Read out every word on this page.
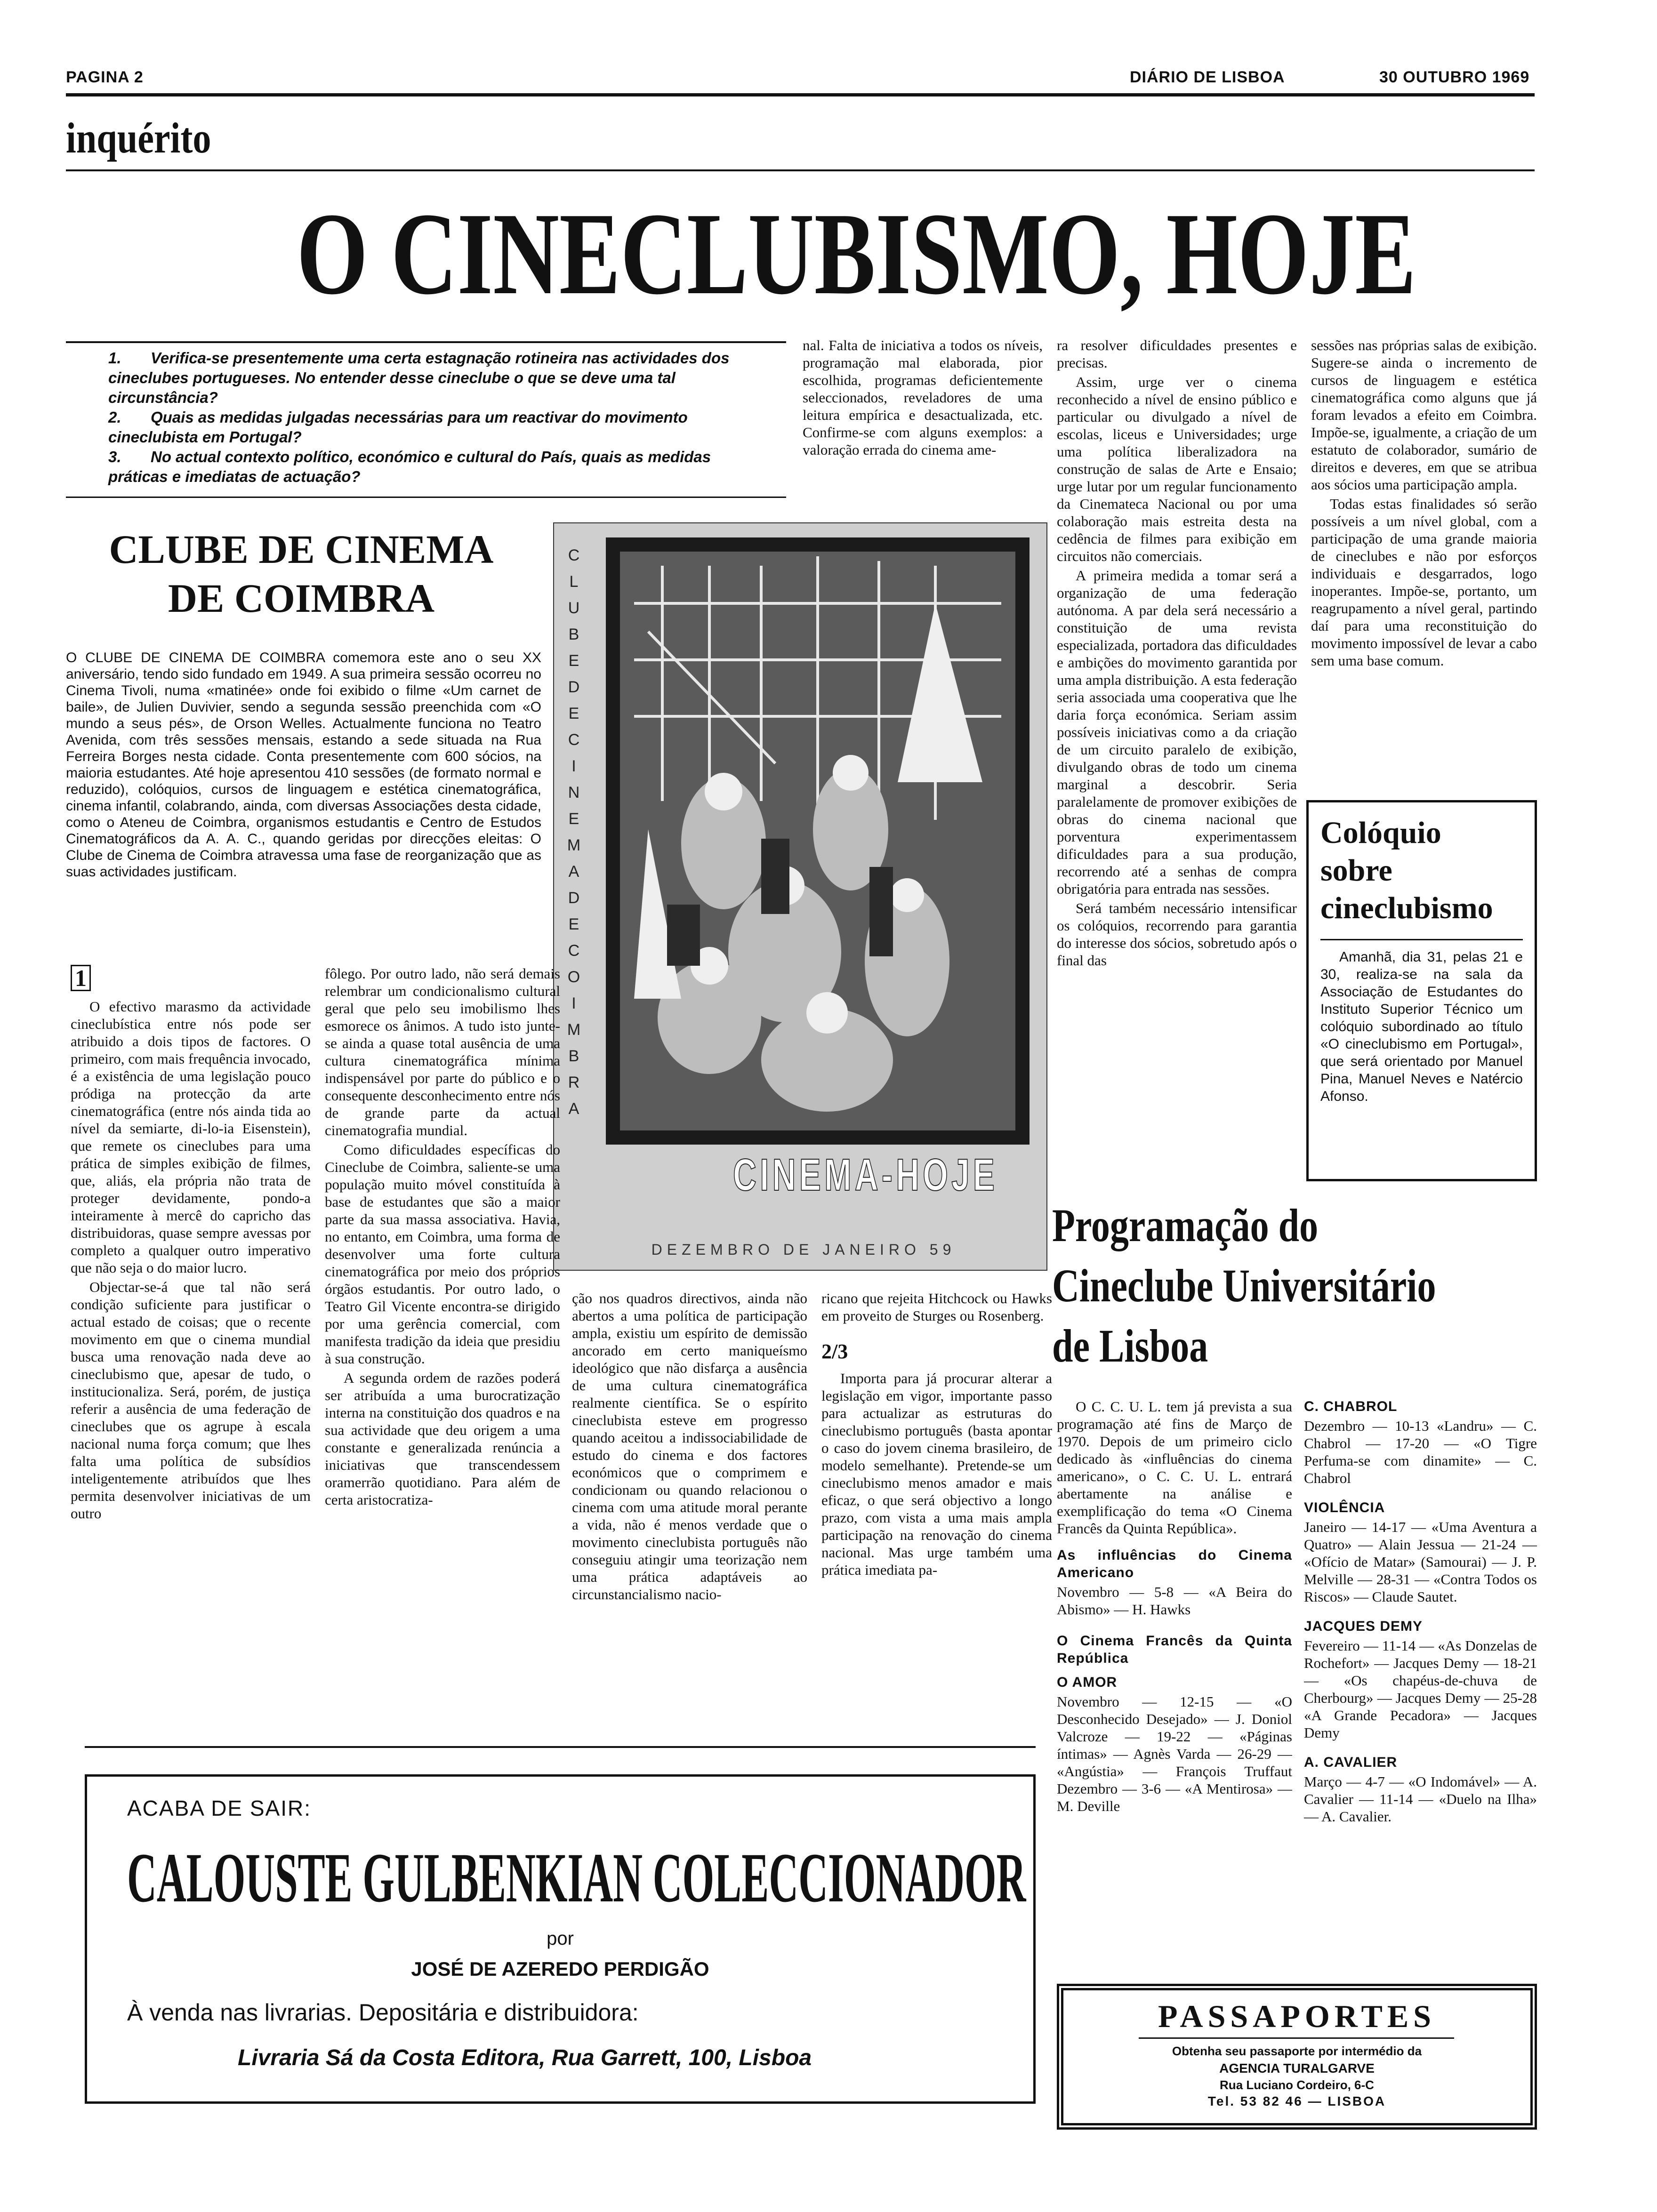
PAGINA 2	DIÁRIO DE LISBOA	30 OUTUBRO 1969
inquérito
O CINECLUBISMO, HOJE

1. Verifica-se presentemente uma certa estagnação rotineira nas actividades dos cineclubes portugueses. No entender desse cineclube o que se deve uma tal circunstância?

2. Quais as medidas julgadas necessárias para um reactivar do movimento cineclubista em Portugal?

3. No actual contexto político, económico e cultural do País, quais as medidas práticas e imediatas de actuação?

nal. Falta de iniciativa a todos os níveis, programação mal elaborada, pior escolhida, programas deficientemente seleccionados, reveladores de uma leitura empírica e desactualizada, etc. Confirme-se com alguns exemplos: a valoração errada do cinema ame-

ra resolver dificuldades presentes e precisas.

Assim, urge ver o cinema reconhecido a nível de ensino público e particular ou divulgado a nível de escolas, liceus e Universidades; urge uma política liberalizadora na construção de salas de Arte e Ensaio; urge lutar por um regular funcionamento da Cinemateca Nacional ou por uma colaboração mais estreita desta na cedência de filmes para exibição em circuitos não comerciais.

A primeira medida a tomar será a organização de uma federação autónoma. A par dela será necessário a constituição de uma revista especializada, portadora das dificuldades e ambições do movimento garantida por uma ampla distribuição. A esta federação seria associada uma cooperativa que lhe daria força económica. Seriam assim possíveis iniciativas como a da criação de um circuito paralelo de exibição, divulgando obras de todo um cinema marginal a descobrir. Seria paralelamente de promover exibições de obras do cinema nacional que porventura experimentassem dificuldades para a sua produção, recorrendo até a senhas de compra obrigatória para entrada nas sessões.

Será também necessário intensificar os colóquios, recorrendo para garantia do interesse dos sócios, sobretudo após o final das

sessões nas próprias salas de exibição. Sugere-se ainda o incremento de cursos de linguagem e estética cinematográfica como alguns que já foram levados a efeito em Coimbra. Impõe-se, igualmente, a criação de um estatuto de colaborador, sumário de direitos e deveres, em que se atribua aos sócios uma participação ampla.

Todas estas finalidades só serão possíveis a um nível global, com a participação de uma grande maioria de cineclubes e não por esforços individuais e desgarrados, logo inoperantes. Impõe-se, portanto, um reagrupamento a nível geral, partindo daí para uma reconstituição do movimento impossível de levar a cabo sem uma base comum.

CLUBE DE CINEMA
DE COIMBRA
O CLUBE DE CINEMA DE COIMBRA comemora este ano o seu XX aniversário, tendo sido fundado em 1949. A sua primeira sessão ocorreu no Cinema Tivoli, numa «matinée» onde foi exibido o filme «Um carnet de baile», de Julien Duvivier, sendo a segunda sessão preenchida com «O mundo a seus pés», de Orson Welles. Actualmente funciona no Teatro Avenida, com três sessões mensais, estando a sede situada na Rua Ferreira Borges nesta cidade. Conta presentemente com 600 sócios, na maioria estudantes. Até hoje apresentou 410 sessões (de formato normal e reduzido), colóquios, cursos de linguagem e estética cinematográfica, cinema infantil, colabrando, ainda, com diversas Associações desta cidade, como o Ateneu de Coimbra, organismos estudantis e Centro de Estudos Cinematográficos da A. A. C., quando geridas por direcções eleitas: O Clube de Cinema de Coimbra atravessa uma fase de reorganização que as suas actividades justificam.
C
L
U
B
E
D
E
C
I
N
E
M
A
D
E
C
O
I
M
B
R
A
CINEMA-HOJE
DEZEMBRO DE JANEIRO 59
1

O efectivo marasmo da actividade cineclubística entre nós pode ser atribuido a dois tipos de factores. O primeiro, com mais frequência invocado, é a existência de uma legislação pouco pródiga na protecção da arte cinematográfica (entre nós ainda tida ao nível da semiarte, di-lo-ia Eisenstein), que remete os cineclubes para uma prática de simples exibição de filmes, que, aliás, ela própria não trata de proteger devidamente, pondo-a inteiramente à mercê do capricho das distribuidoras, quase sempre avessas por completo a qualquer outro imperativo que não seja o do maior lucro.

Objectar-se-á que tal não será condição suficiente para justificar o actual estado de coisas; que o recente movimento em que o cinema mundial busca uma renovação nada deve ao cineclubismo que, apesar de tudo, o institucionaliza. Será, porém, de justiça referir a ausência de uma federação de cineclubes que os agrupe à escala nacional numa força comum; que lhes falta uma política de subsídios inteligentemente atribuídos que lhes permita desenvolver iniciativas de um outro

fôlego. Por outro lado, não será demais relembrar um condicionalismo cultural geral que pelo seu imobilismo lhes esmorece os ânimos. A tudo isto junte-se ainda a quase total ausência de uma cultura cinematográfica mínima indispensável por parte do público e o consequente desconhecimento entre nós de grande parte da actual cinematografia mundial.

Como dificuldades específicas do Cineclube de Coimbra, saliente-se uma população muito móvel constituída à base de estudantes que são a maior parte da sua massa associativa. Havia, no entanto, em Coimbra, uma forma de desenvolver uma forte cultura cinematográfica por meio dos próprios órgãos estudantis. Por outro lado, o Teatro Gil Vicente encontra-se dirigido por uma gerência comercial, com manifesta tradição da ideia que presidiu à sua construção.

A segunda ordem de razões poderá ser atribuída a uma burocratização interna na constituição dos quadros e na sua actividade que deu origem a uma constante e generalizada renúncia a iniciativas que transcendessem oramerrão quotidiano. Para além de certa aristocratiza-

ção nos quadros directivos, ainda não abertos a uma política de participação ampla, existiu um espírito de demissão ancorado em certo maniqueísmo ideológico que não disfarça a ausência de uma cultura cinematográfica realmente científica. Se o espírito cineclubista esteve em progresso quando aceitou a indissociabilidade de estudo do cinema e dos factores económicos que o comprimem e condicionam ou quando relacionou o cinema com uma atitude moral perante a vida, não é menos verdade que o movimento cineclubista português não conseguiu atingir uma teorização nem uma prática adaptáveis ao circunstancialismo nacio-

ricano que rejeita Hitchcock ou Hawks em proveito de Sturges ou Rosenberg.

2/3

Importa para já procurar alterar a legislação em vigor, importante passo para actualizar as estruturas do cineclubismo português (basta apontar o caso do jovem cinema brasileiro, de modelo semelhante). Pretende-se um cineclubismo menos amador e mais eficaz, o que será objectivo a longo prazo, com vista a uma mais ampla participação na renovação do cinema nacional. Mas urge também uma prática imediata pa-

Colóquio
sobre
cineclubismo
Amanhã, dia 31, pelas 21 e 30, realiza-se na sala da Associação de Estudantes do Instituto Superior Técnico um colóquio subordinado ao título «O cineclubismo em Portugal», que será orientado por Manuel Pina, Manuel Neves e Natércio Afonso.
Programação do
Cineclube Universitário
de Lisboa

O C. C. U. L. tem já prevista a sua programação até fins de Março de 1970. Depois de um primeiro ciclo dedicado às «influências do cinema americano», o C. C. U. L. entrará abertamente na análise e exemplificação do tema «O Cinema Francês da Quinta República».

As influências do Cinema Americano

Novembro — 5-8 — «A Beira do Abismo» — H. Hawks

O Cinema Francês da Quinta República
O AMOR

Novembro — 12-15 — «O Desconhecido Desejado» — J. Doniol Valcroze — 19-22 — «Páginas íntimas» — Agnès Varda — 26-29 — «Angústia» — François Truffaut Dezembro — 3-6 — «A Mentirosa» — M. Deville

C. CHABROL

Dezembro — 10-13 «Landru» — C. Chabrol — 17-20 — «O Tigre Perfuma-se com dinamite» — C. Chabrol

VIOLÊNCIA

Janeiro — 14-17 — «Uma Aventura a Quatro» — Alain Jessua — 21-24 — «Ofício de Matar» (Samourai) — J. P. Melville — 28-31 — «Contra Todos os Riscos» — Claude Sautet.

JACQUES DEMY

Fevereiro — 11-14 — «As Donzelas de Rochefort» — Jacques Demy — 18-21 — «Os chapéus-de-chuva de Cherbourg» — Jacques Demy — 25-28 «A Grande Pecadora» — Jacques Demy

A. CAVALIER

Março — 4-7 — «O Indomável» — A. Cavalier — 11-14 — «Duelo na Ilha» — A. Cavalier.

ACABA DE SAIR:
CALOUSTE GULBENKIAN COLECCIONADOR
por
JOSÉ DE AZEREDO PERDIGÃO
À venda nas livrarias. Depositária e distribuidora:
Livraria Sá da Costa Editora, Rua Garrett, 100, Lisboa
PASSAPORTES
Obtenha seu passaporte por intermédio da
AGENCIA TURALGARVE
Rua Luciano Cordeiro, 6-C
Tel. 53 82 46 — LISBOA
